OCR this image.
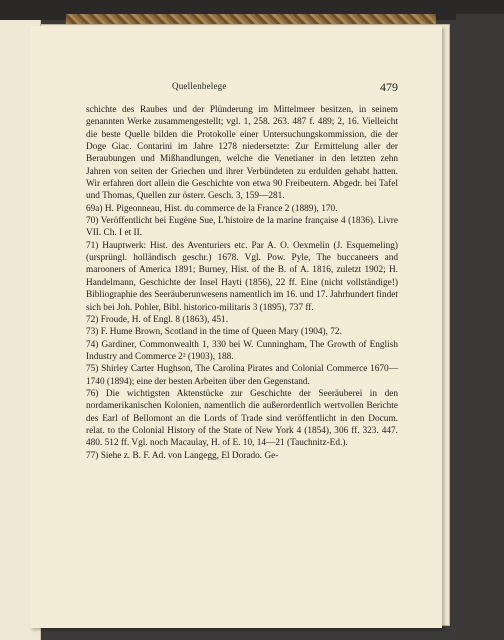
Quellenbelege	479

schichte des Raubes und der Plünderung im Mittelmeer besitzen, in seinem genannten Werke zusammengestellt; vgl. 1, 258. 263. 487 f. 489; 2, 16. Vielleicht die beste Quelle bilden die Protokolle einer Untersuchungskommission, die der Doge Giac. Contarini im Jahre 1278 niedersetzte: Zur Ermittelung aller der Beraubungen und Mißhandlungen, welche die Venetianer in den letzten zehn Jahren von seiten der Griechen und ihrer Verbündeten zu erdulden gehabt hatten. Wir erfahren dort allein die Geschichte von etwa 90 Freibeutern. Abgedr. bei Tafel und Thomas, Quellen zur österr. Gesch. 3, 159—281.

69a) H. Pigeonneau, Hist. du commerce de la France 2 (1889), 170.

70) Veröffentlicht bei Eugène Sue, L'histoire de la marine française 4 (1836). Livre VII. Ch. I et II.

71) Hauptwerk: Hist. des Aventuriers etc. Par A. O. Oexmelin (J. Esquemeling) (ursprüngl. holländisch geschr.) 1678. Vgl. Pow. Pyle, The buccaneers and marooners of America 1891; Burney, Hist. of the B. of A. 1816, zuletzt 1902; H. Handelmann, Geschichte der Insel Hayti (1856), 22 ff. Eine (nicht vollständige!) Bibliographie des Seeräuberunwesens namentlich im 16. und 17. Jahrhundert findet sich bei Joh. Pohler, Bibl. historico-militaris 3 (1895), 737 ff.

72) Froude, H. of Engl. 8 (1863), 451.

73) F. Hume Brown, Scotland in the time of Queen Mary (1904), 72.

74) Gardiner, Commonwealth 1, 330 bei W. Cunningham, The Growth of English Industry and Commerce 2² (1903), 188.

75) Shirley Carter Hughson, The Carolina Pirates and Colonial Commerce 1670—1740 (1894); eine der besten Arbeiten über den Gegenstand.

76) Die wichtigsten Aktenstücke zur Geschichte der Seeräuberei in den nordamerikanischen Kolonien, namentlich die außerordentlich wertvollen Berichte des Earl of Bellomont an die Lords of Trade sind veröffentlicht in den Docum. relat. to the Colonial History of the State of New York 4 (1854), 306 ff. 323. 447. 480. 512 ff. Vgl. noch Macaulay, H. of E. 10, 14—21 (Tauchnitz-Ed.).

77) Siehe z. B. F. Ad. von Langegg, El Dorado. Ge-
